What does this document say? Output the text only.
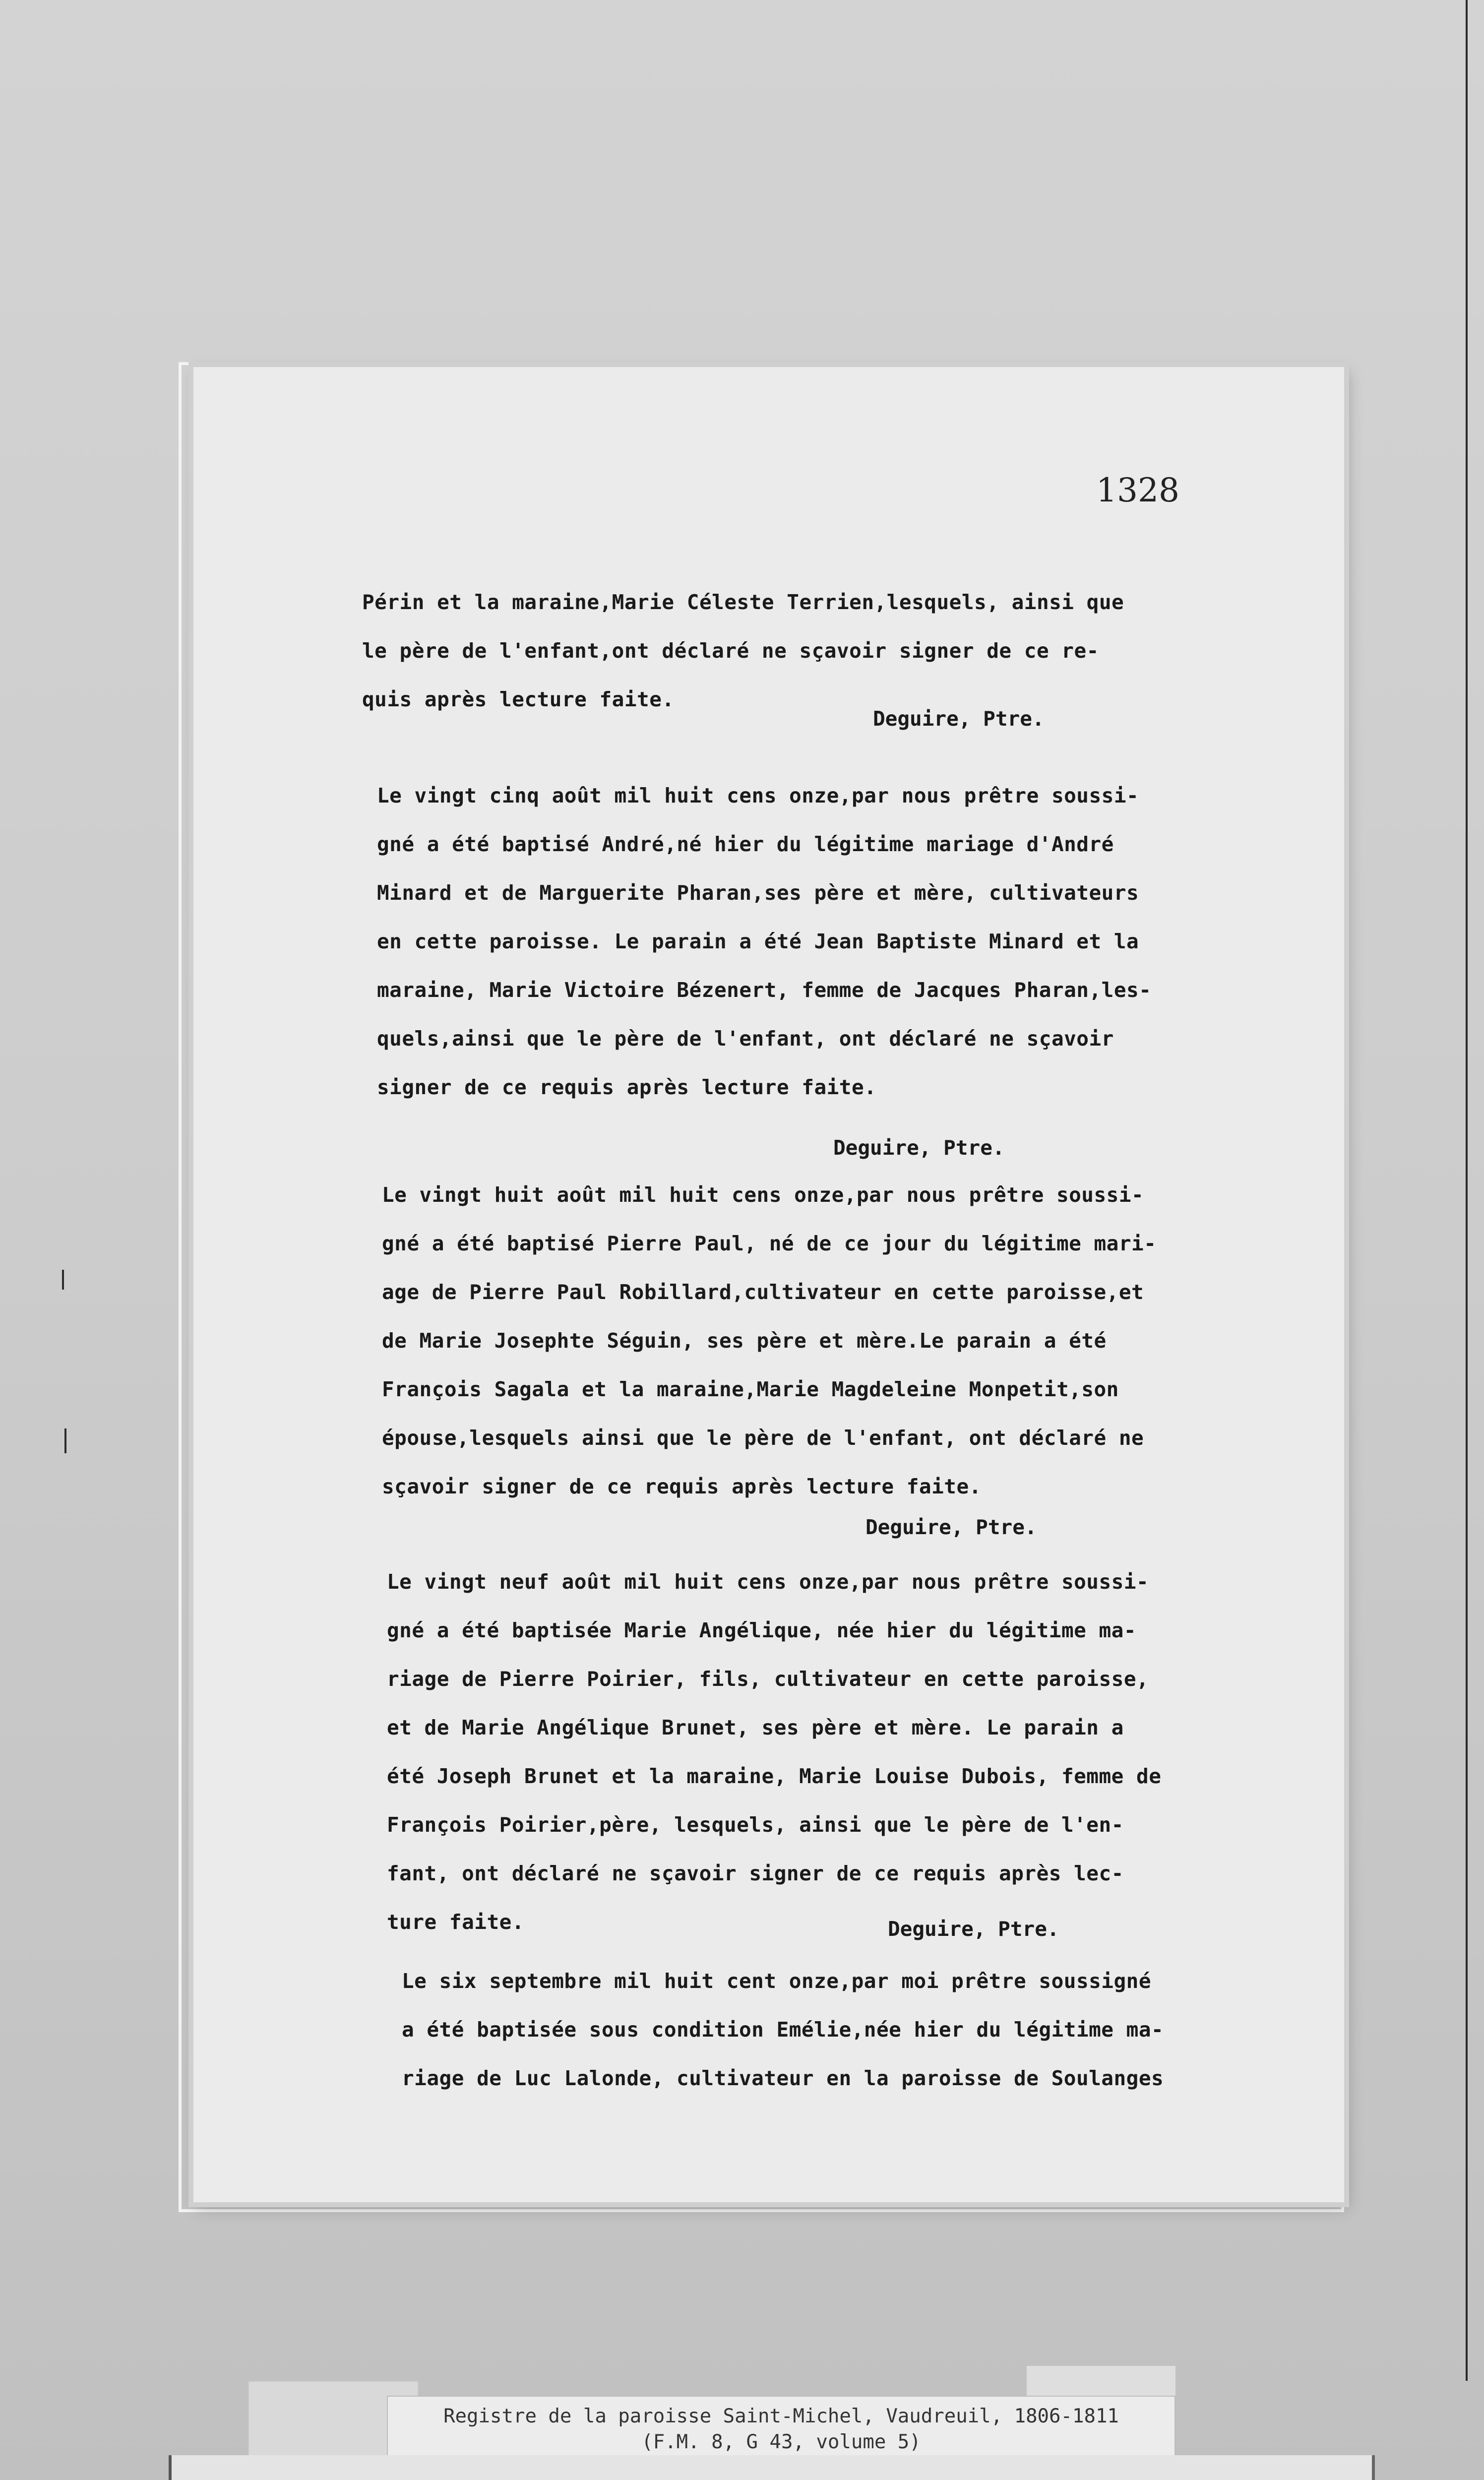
1328

Périn et la maraine,Marie Céleste Terrien,lesquels, ainsi que
le père de l'enfant,ont déclaré ne sçavoir signer de ce re-
quis après lecture faite.

Deguire, Ptre.

Le vingt cinq août mil huit cens onze,par nous prêtre soussi-
gné a été baptisé André,né hier du légitime mariage d'André
Minard et de Marguerite Pharan,ses père et mère, cultivateurs
en cette paroisse. Le parain a été Jean Baptiste Minard et la
maraine, Marie Victoire Bézenert, femme de Jacques Pharan,les-
quels,ainsi que le père de l'enfant, ont déclaré ne sçavoir
signer de ce requis après lecture faite.

Deguire, Ptre.

Le vingt huit août mil huit cens onze,par nous prêtre soussi-
gné a été baptisé Pierre Paul, né de ce jour du légitime mari-
age de Pierre Paul Robillard,cultivateur en cette paroisse,et
de Marie Josephte Séguin, ses père et mère.Le parain a été
François Sagala et la maraine,Marie Magdeleine Monpetit,son
épouse,lesquels ainsi que le père de l'enfant, ont déclaré ne
sçavoir signer de ce requis après lecture faite.

Deguire, Ptre.

Le vingt neuf août mil huit cens onze,par nous prêtre soussi-
gné a été baptisée Marie Angélique, née hier du légitime ma-
riage de Pierre Poirier, fils, cultivateur en cette paroisse,
et de Marie Angélique Brunet, ses père et mère. Le parain a
été Joseph Brunet et la maraine, Marie Louise Dubois, femme de
François Poirier,père, lesquels, ainsi que le père de l'en-
fant, ont déclaré ne sçavoir signer de ce requis après lec-
ture faite.	Deguire, Ptre.

Le six septembre mil huit cent onze,par moi prêtre soussigné
a été baptisée sous condition Emélie,née hier du légitime ma-
riage de Luc Lalonde, cultivateur en la paroisse de Soulanges

Registre de la paroisse Saint-Michel, Vaudreuil, 1806-1811
(F.M. 8, G 43, volume 5)
